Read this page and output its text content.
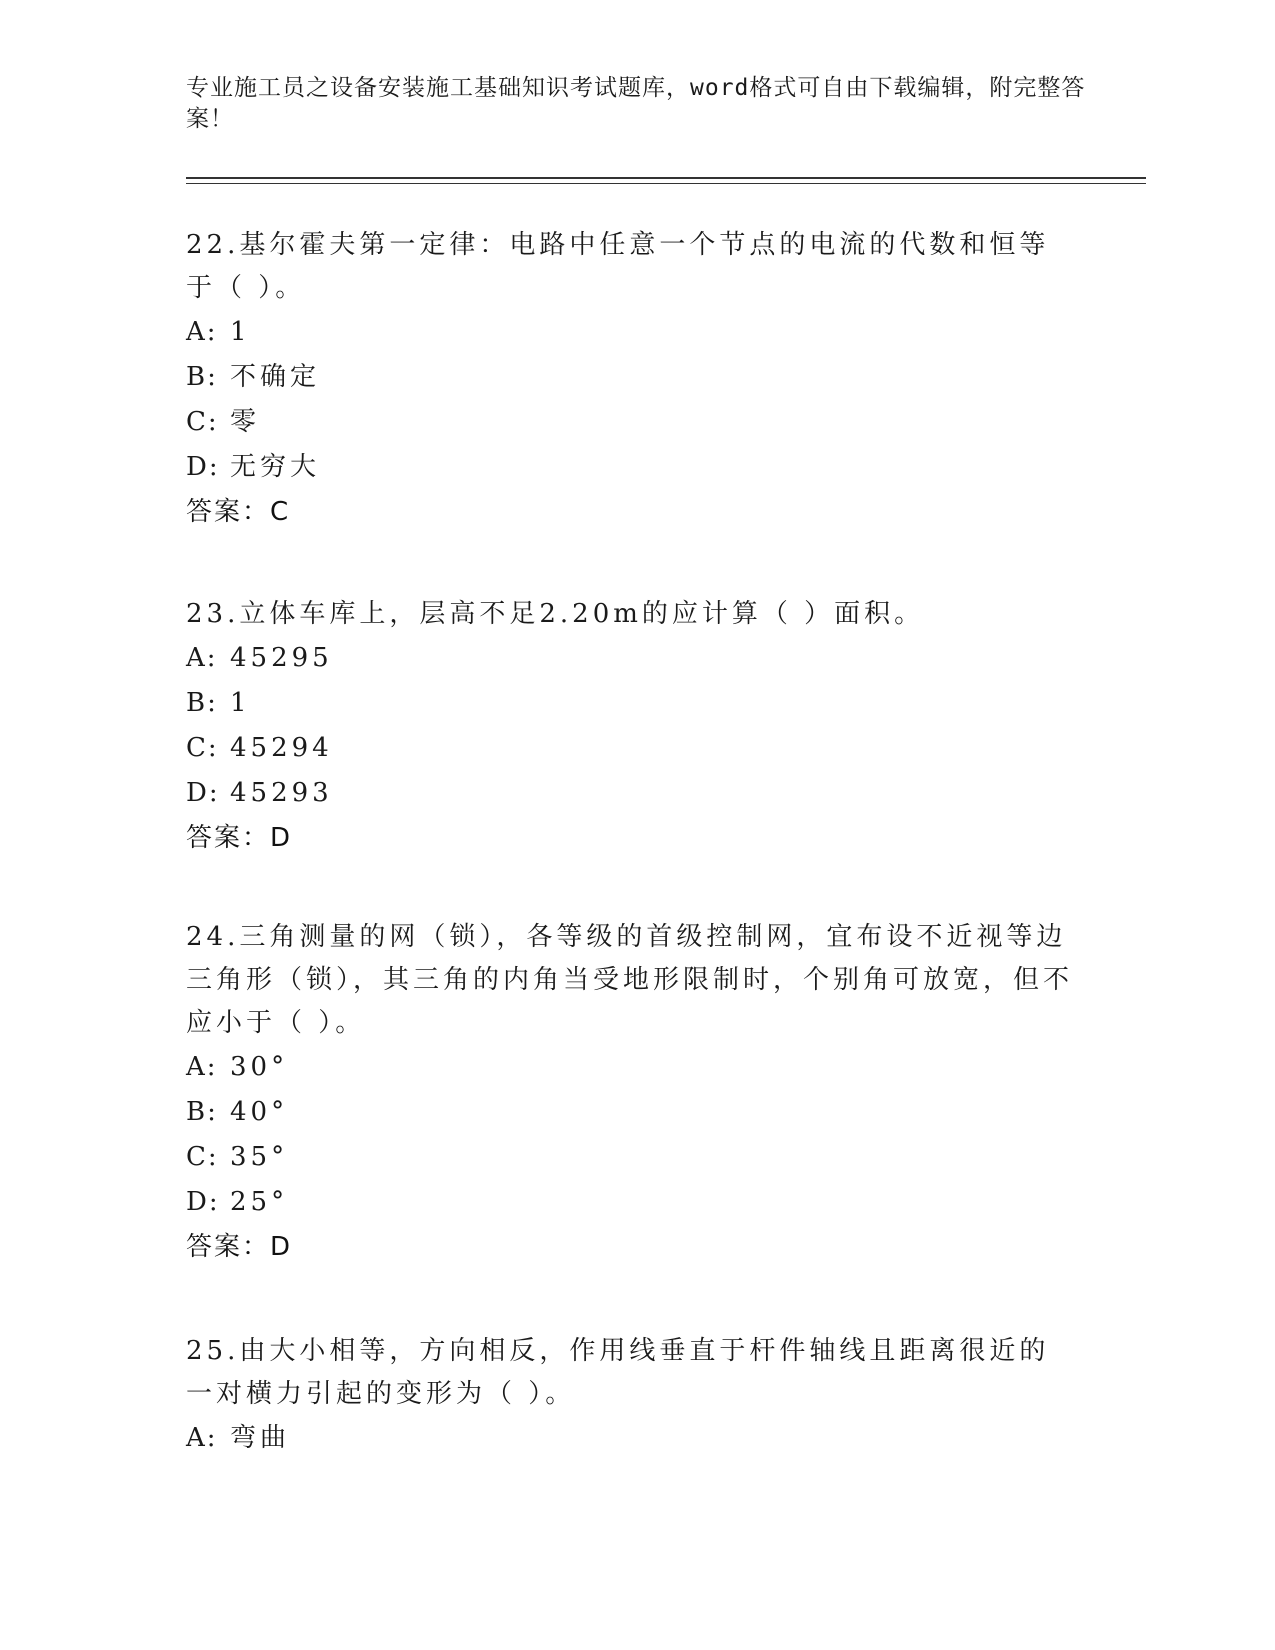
专业施工员之设备安装施工基础知识考试题库，word格式可自由下载编辑，附完整答案！

22.基尔霍夫第一定律：电路中任意一个节点的电流的代数和恒等于（ ）。

A: 1
B: 不确定
C: 零
D: 无穷大
答案：C

23.立体车库上，层高不足2.20m的应计算（ ）面积。

A: 45295
B: 1
C: 45294
D: 45293
答案：D

24.三角测量的网（锁），各等级的首级控制网，宜布设不近视等边三角形（锁），其三角的内角当受地形限制时，个别角可放宽，但不应小于（ ）。

A: 30°
B: 40°
C: 35°
D: 25°
答案：D

25.由大小相等，方向相反，作用线垂直于杆件轴线且距离很近的一对横力引起的变形为（ ）。

A: 弯曲
